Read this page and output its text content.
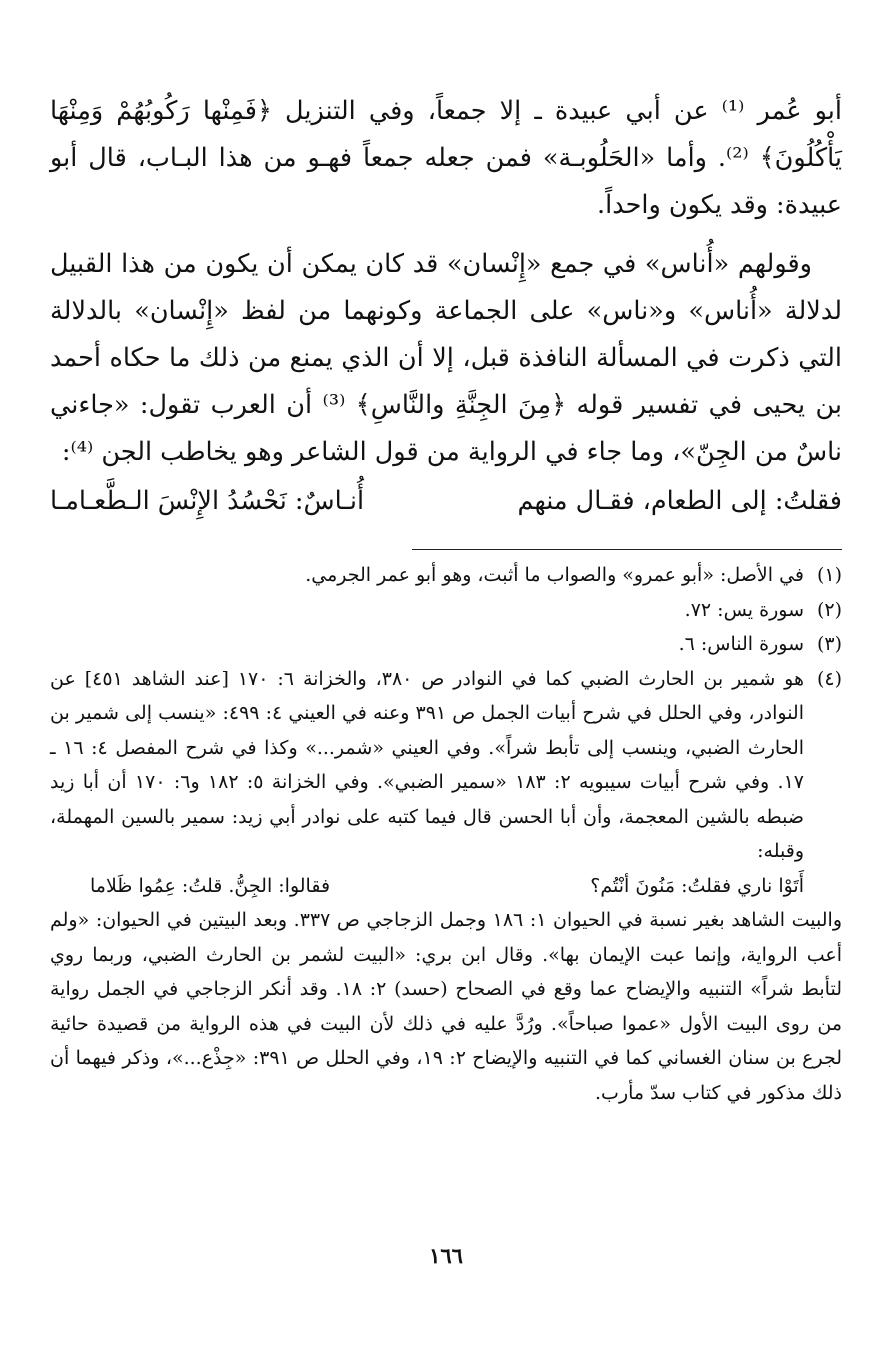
أبو عُمر ⁽¹⁾ عن أبي عبيدة ـ إلا جمعاً، وفي التنزيل ﴿فَمِنْها رَكُوبُهُمْ وَمِنْهَا يَأْكُلُونَ﴾ ⁽²⁾. وأما «الحَلُوبـة» فمن جعله جمعاً فهـو من هذا البـاب، قال أبو عبيدة: وقد يكون واحداً.

وقولهم «أُناس» في جمع «إِنْسان» قد كان يمكن أن يكون من هذا القبيل لدلالة «أُناس» و«ناس» على الجماعة وكونهما من لفظ «إِنْسان» بالدلالة التي ذكرت في المسألة النافذة قبل، إلا أن الذي يمنع من ذلك ما حكاه أحمد بن يحيى في تفسير قوله ﴿مِنَ الجِنَّةِ والنَّاسِ﴾ ⁽³⁾ أن العرب تقول: «جاءني ناسٌ من الجِنّ»، وما جاء في الرواية من قول الشاعر وهو يخاطب الجن ⁽⁴⁾:

فقلتُ: إلى الطعام، فقـال منهم
أُنـاسٌ: نَحْسُدُ الإِنْسَ الـطَّعـامـا
(١)
في الأصل: «أبو عمرو» والصواب ما أثبت، وهو أبو عمر الجرمي.
(٢)
سورة يس: ٧٢.
(٣)
سورة الناس: ٦.
(٤)
هو شمير بن الحارث الضبي كما في النوادر ص ٣٨٠، والخزانة ٦: ١٧٠ [عند الشاهد ٤٥١] عن النوادر، وفي الحلل في شرح أبيات الجمل ص ٣٩١ وعنه في العيني ٤: ٤٩٩: «ينسب إلى شمير بن الحارث الضبي، وينسب إلى تأبط شراً». وفي العيني «شمر...» وكذا في شرح المفصل ٤: ١٦ ـ ١٧. وفي شرح أبيات سيبويه ٢: ١٨٣ «سمير الضبي». وفي الخزانة ٥: ١٨٢ و٦: ١٧٠ أن أبا زيد ضبطه بالشين المعجمة، وأن أبا الحسن قال فيما كتبه على نوادر أبي زيد: سمير بالسين المهملة، وقبله:
أَتَوْا ناري فقلتُ: مَنُونَ أنْتُم؟
فقالوا: الجِنُّ. قلتُ: عِمُوا ظَلاما
والبيت الشاهد بغير نسبة في الحيوان ١: ١٨٦ وجمل الزجاجي ص ٣٣٧. وبعد البيتين في الحيوان: «ولم أعب الرواية، وإنما عبت الإيمان بها». وقال ابن بري: «البيت لشمر بن الحارث الضبي، وربما روي لتأبط شراً» التنبيه والإيضاح عما وقع في الصحاح (حسد) ٢: ١٨. وقد أنكر الزجاجي في الجمل رواية من روى البيت الأول «عموا صباحاً». ورُدَّ عليه في ذلك لأن البيت في هذه الرواية من قصيدة حائية لجرع بن سنان الغساني كما في التنبيه والإيضاح ٢: ١٩، وفي الحلل ص ٣٩١: «جِذْع...»، وذكر فيهما أن ذلك مذكور في كتاب سدّ مأرب.
١٦٦
